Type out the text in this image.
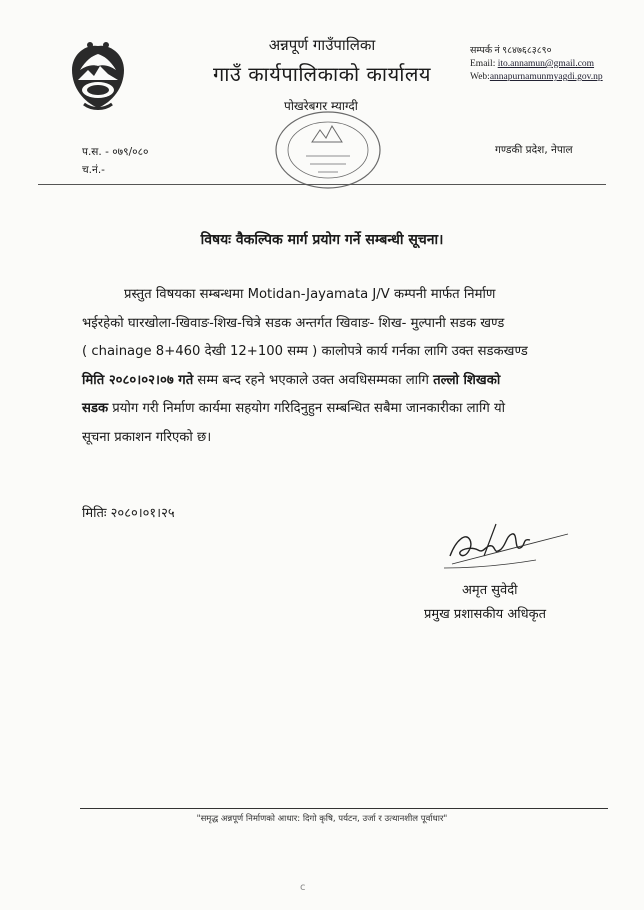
अन्नपूर्ण गाउँपालिका
गाउँ कार्यपालिकाको कार्यालय
पोखरेबगर म्याग्दी
सम्पर्क नं ९८४७६८३८९०
Email: ito.annamun@gmail.com
Web:annapurnamunmyagdi.gov.np
प.स. - ०७९/०८०
च.नं.-
गण्डकी प्रदेश, नेपाल
विषयः वैकल्पिक मार्ग प्रयोग गर्ने सम्बन्धी सूचना।
प्रस्तुत विषयका सम्बन्धमा Motidan-Jayamata J/V कम्पनी मार्फत निर्माण
भईरहेको घारखोला-खिवाङ-शिख-चित्रे सडक अन्तर्गत खिवाङ- शिख- मुल्पानी सडक खण्ड
( chainage 8+460 देखी 12+100 सम्म ) कालोपत्रे कार्य गर्नका लागि उक्त सडकखण्ड
मिति २०८०।०२।०७ गते सम्म बन्द रहने भएकाले उक्त अवधिसम्मका लागि तल्लो शिखको
सडक प्रयोग गरी निर्माण कार्यमा सहयोग गरिदिनुहुन सम्बन्धित सबैमा जानकारीका लागि यो
सूचना प्रकाशन गरिएको छ।
मितिः २०८०।०१।२५
अमृत सुवेदी
प्रमुख प्रशासकीय अधिकृत
"समृद्ध अन्नपूर्ण निर्माणको आधार: दिगो कृषि, पर्यटन, उर्जा र उत्थानशील पूर्वाधार"
c
